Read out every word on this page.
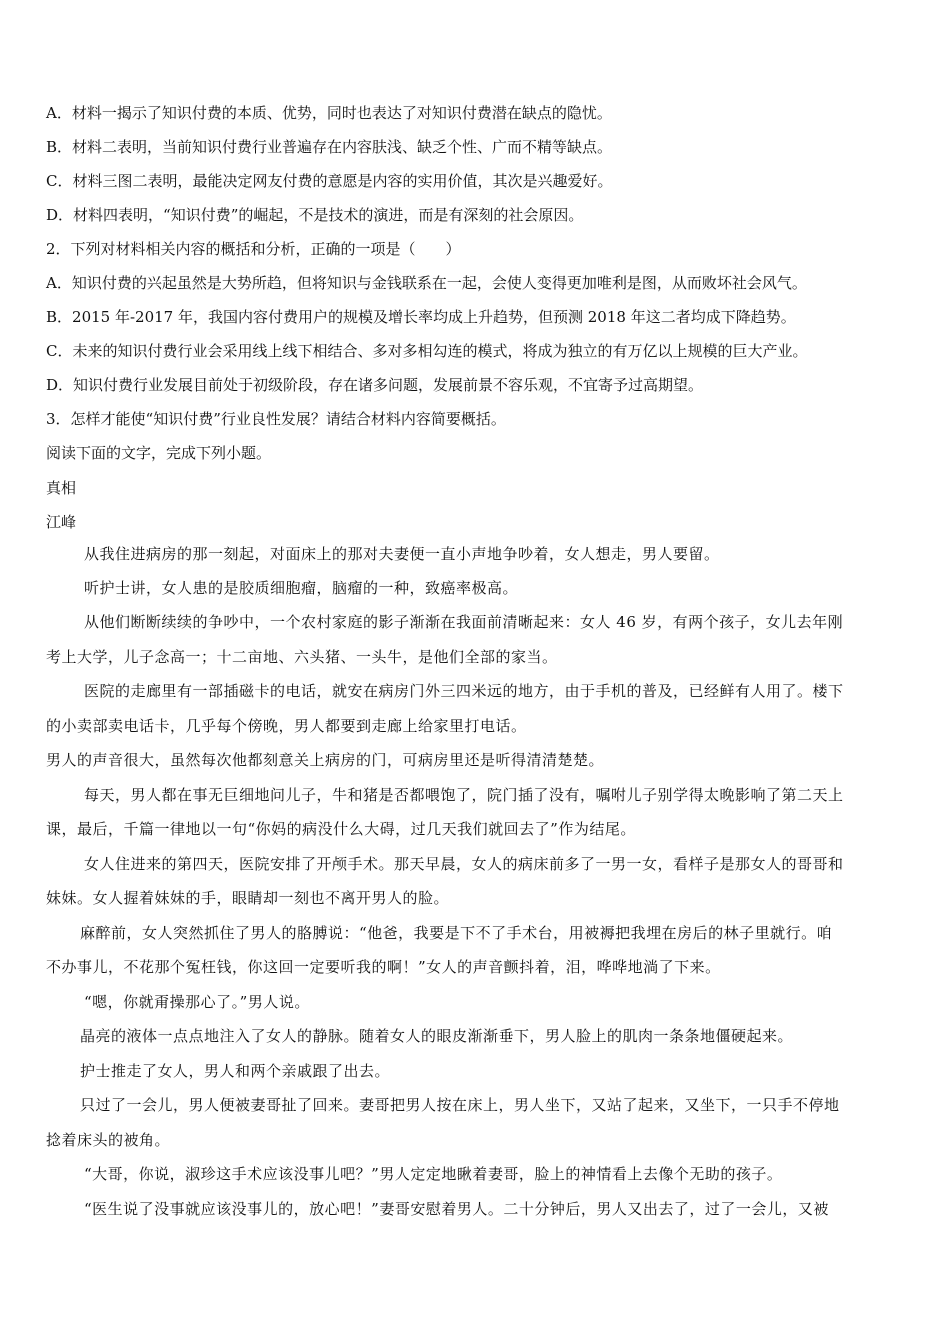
A．材料一揭示了知识付费的本质、优势，同时也表达了对知识付费潜在缺点的隐忧。
B．材料二表明，当前知识付费行业普遍存在内容肤浅、缺乏个性、广而不精等缺点。
C．材料三图二表明，最能决定网友付费的意愿是内容的实用价值，其次是兴趣爱好。
D．材料四表明，“知识付费”的崛起，不是技术的演进，而是有深刻的社会原因。
2．下列对材料相关内容的概括和分析，正确的一项是（　　）
A．知识付费的兴起虽然是大势所趋，但将知识与金钱联系在一起，会使人变得更加唯利是图，从而败坏社会风气。
B．2015 年-2017 年，我国内容付费用户的规模及增长率均成上升趋势，但预测 2018 年这二者均成下降趋势。
C．未来的知识付费行业会采用线上线下相结合、多对多相勾连的模式，将成为独立的有万亿以上规模的巨大产业。
D．知识付费行业发展目前处于初级阶段，存在诸多问题，发展前景不容乐观，不宜寄予过高期望。
3．怎样才能使“知识付费”行业良性发展？请结合材料内容简要概括。
阅读下面的文字，完成下列小题。
真相
江峰
从我住进病房的那一刻起，对面床上的那对夫妻便一直小声地争吵着，女人想走，男人要留。
听护士讲，女人患的是胶质细胞瘤，脑瘤的一种，致癌率极高。
从他们断断续续的争吵中，一个农村家庭的影子渐渐在我面前清晰起来：女人 46 岁，有两个孩子，女儿去年刚
考上大学，儿子念高一；十二亩地、六头猪、一头牛，是他们全部的家当。
医院的走廊里有一部插磁卡的电话，就安在病房门外三四米远的地方，由于手机的普及，已经鲜有人用了。楼下
的小卖部卖电话卡，几乎每个傍晚，男人都要到走廊上给家里打电话。
男人的声音很大，虽然每次他都刻意关上病房的门，可病房里还是听得清清楚楚。
每天，男人都在事无巨细地问儿子，牛和猪是否都喂饱了，院门插了没有，嘱咐儿子别学得太晚影响了第二天上
课，最后，千篇一律地以一句“你妈的病没什么大碍，过几天我们就回去了”作为结尾。
女人住进来的第四天，医院安排了开颅手术。那天早晨，女人的病床前多了一男一女，看样子是那女人的哥哥和
妹妹。女人握着妹妹的手，眼睛却一刻也不离开男人的脸。
麻醉前，女人突然抓住了男人的胳膊说：“他爸，我要是下不了手术台，用被褥把我埋在房后的林子里就行。咱
不办事儿，不花那个冤枉钱，你这回一定要听我的啊！”女人的声音颤抖着，泪，哗哗地淌了下来。
“嗯，你就甭操那心了。”男人说。
晶亮的液体一点点地注入了女人的静脉。随着女人的眼皮渐渐垂下，男人脸上的肌肉一条条地僵硬起来。
护士推走了女人，男人和两个亲戚跟了出去。
只过了一会儿，男人便被妻哥扯了回来。妻哥把男人按在床上，男人坐下，又站了起来，又坐下，一只手不停地
捻着床头的被角。
“大哥，你说，淑珍这手术应该没事儿吧？”男人定定地瞅着妻哥，脸上的神情看上去像个无助的孩子。
“医生说了没事就应该没事儿的，放心吧！”妻哥安慰着男人。二十分钟后，男人又出去了，过了一会儿，又被
